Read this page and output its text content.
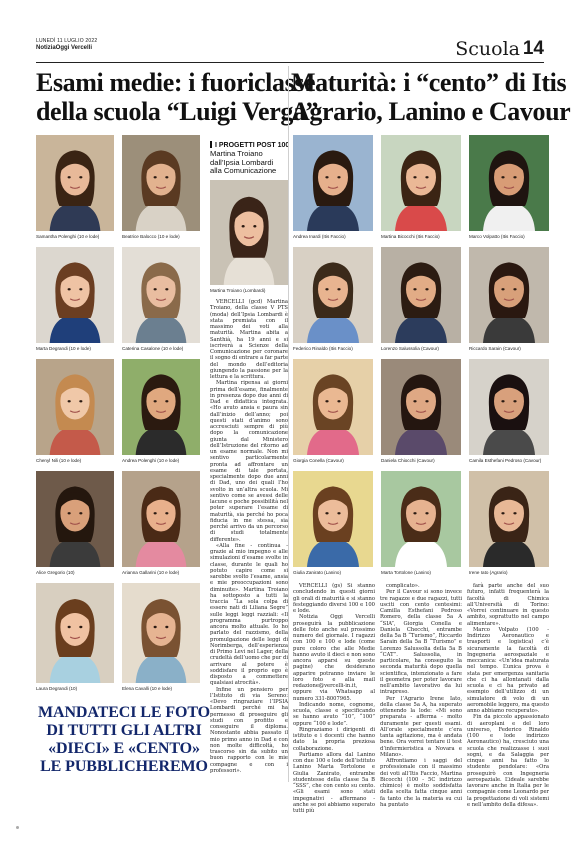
LUNEDÌ 11 LUGLIO 2022
NotiziaOggi Vercelli	Scuola 14
Esami medie: i fuoriclasse
della scuola “Luigi Verga”
Maturità: i “cento” di Itis
Agrario, Lanino e Cavour
Samantha Polenghi (10 e lode)	Beatrice Balocco (10 e lode)
Marta Degrandi (10 e lode)	Caterina Casalone (10 e lode)
Chenyl Nili (10 e lode)	Andrea Polenghi (10 e lode)
Alice Gregorio (10)	Arianna Gallarini (10 e lode)
Laura Degrandi (10)	Elena Cavalli (10 e lode)
I PROGETTI POST 100
Martina Troiano
dall’Ipsia Lombardi
alla Comunicazione
Martina Troiano (Lombardi)

VERCELLI (gcd) Martina Troiano, della classe V PTS (moda) dell’Ipsia Lombardi è stata premiata con il massimo dei voti alla maturità. Martina abita a Santhià, ha 19 anni e si iscriverà a Scienze della Comunicazione per coronare il sogno di entrare a far parte del mondo dell’editoria giungendo la passione per la lettura e la scrittura.

Martina ripensa ai giorni prima dell’esame, finalmente in presenza dopo due anni di Dad e didattica integrata. «Ho avuto ansia e paura sin dall’inizio dell’anno; poi questi stati d’animo sono accresciuti sempre di più dopo la comunicazione giunta dal Ministero dell’Istruzione del ritorno ad un esame normale. Non mi sentivo particolarmente pronta ad affrontare un esame di tale portata, specialmente dopo due anni di Dad, uno dei quali l’ho svolto in un’altra scuola. Mi sentivo come se avessi delle lacune e poche possibilità nel poter superare l’esame di maturità, sia perché ho poca fiducia in me stessa, sia perché arrivo da un percorso di studi totalmente differente».

«Alla fine - continua - grazie al mio impegno e alle simulazioni d’esame svolte in classe, durante le quali ho potuto capire come si sarebbe svolto l’esame, ansia e mie preoccupazioni sono diminuite». Martina Troiano ha sottoposto a tutti la traccia “La sola colpa di essere nati di Liliana Segre” sulle leggi leggi razziali: «Il programma purtroppo ancora molto attuale. Io ho parlato del razzismo, della promulgazione delle leggi di Norimberga, dell’esperienza di Primo Levi nel Lager, della crudeltà dell’uomo che pur di arrivare al potere è soddisfare il proprio ego è disposto a commettere qualsiasi atrocità».

Infine un pensiero per l’Istituto di via Sereno: «Devo ringraziare l’IPSIA Lombardi perché mi ha permesso di proseguire gli studi con profitto e conseguire il diploma. Nonostante abbia passato il mio primo anno in Dad e con non molte difficoltà, ho trascorso sin da subito un buon rapporto con le mie compagne e con i professori».

MANDATECI LE FOTO
DI TUTTI GLI ALTRI
«DIECI» E «CENTO»
LE PUBBLICHEREMO
Andrea Inardi (Itis Faccio)	Martina Bicocchi (Itis Faccio)	Marco Volpatto (Itis Faccio)
Federico Rinaldo (Itis Faccio)	Lorenzo Salussolia (Cavour)	Riccardo Sarain (Cavour)
Giorgia Conella (Cavour)	Daniela Chiocchi (Cavour)	Camila Esthefani Pedroso (Cavour)
Giulia Zanirato (Lanino)	Marta Tortolone (Lanino)	Irene Iato (Agrario)

VERCELLI (gs) Si stanno concludendo in questi giorni gli orali di maturità e si stanno festeggiando diversi 100 e 100 e lode.

Notizia Oggi Vercelli proseguirà la pubblicazione delle foto anche sul prossimo numero del giornale. I ragazzi con 100 e 100 e lode (come pure coloro che alle Medie hanno avuto il dieci e non sono ancora apparsi su queste pagine) che desiderano apparire potranno inviare le loro foto e alla mail redazione@vercelli-in.it, oppure via Whatsapp al numero 331-8007965.

Indicando nome, cognome, scuola, classe e specificando se hanno avuto “10”, “100” oppure “100 e lode”.

Ringraziamo i dirigenti di istituto e i docenti che hanno dato la propria preziosa collaborazione.

Partiamo allora dal Lanino con due 100 e lode dell’istituto Lanino Marta Tortolone e Giulia Zanirato, entrambe studentesse della classe 5a B “SSS”, che con cento su cento. «Gli esami sono stati impegnativi - affermano - anche se poi abbiamo superato tutti più

complicato».

Per il Cavour si sono invece tre ragazze e due ragazzi, tutti usciti con cento centesimi: Camilla Esthefani Pedroso Romero, della classe 5a A “SIA”, Giorgia Conella e Daniela Checchi, entrambe della 5a B “Turismo”, Riccardo Sarain della 5a B “Turismo” e Lorenzo Salussolia della 5a B “CAT”. Salussolia, in particolare, ha conseguito la seconda maturità dopo quella scientifica, intenzionato a fare il geometra per poter lavorare nell’ambito lavorativo da lui intrapreso.

Per l’Agrario Irene Iato, della classe 5a A, ha superato ottenendo la lode: «Mi sono preparata - afferma - molto duramente per questi esami. All’orale specialmente c’era tanta agitazione, ma è andata bene. Ora vorrei tentare il test d’infermieristica a Novara e Milano».

Affrontiamo i saggi del professionale con il massimo dei voti all’Itis Faccio, Martina Bicocchi (100 - 5C indirizzo chimico) è molto soddisfatta della scelta fatta cinque anni fa tanto che la materia su cui ha puntato

farà parte anche del suo futuro, infatti frequenterà la facoltà di Chimica all’Università di Torino: «Vorrei continuare in questo ambito, soprattutto nel campo alimentare».

Marco Volpato (100 - Indirizzo Aeronautico e trasporti e logistica) c’è sicuramente la facoltà di Ingegneria aerospaziale e meccanica: «Un’idea maturata nel tempo. L’unica prova è stata per emergenza sanitaria che ci ha allontanati dalla scuola e ci ha privato ad esempio dell’utilizzo di un simulatore di volo di un aeromobile leggero, ma questo anno abbiamo recuperato».

Fin da piccolo appassionato di aeroplani e del loro universo, Federico Rinaldo (100 e lode indirizzo Aeronautico) ha, cresciuto una scuola che realizzasse i suoi sogni, e da Salaggia per cinque anni ha fatto lo studente pendolare: «Ora proseguirò con Ingegneria aerospaziale. L’ideale sarebbe lavorare anche in Italia per le compagnie come Leonardo per la progettazione di voli sistemi e nell’ambito della difesa».
